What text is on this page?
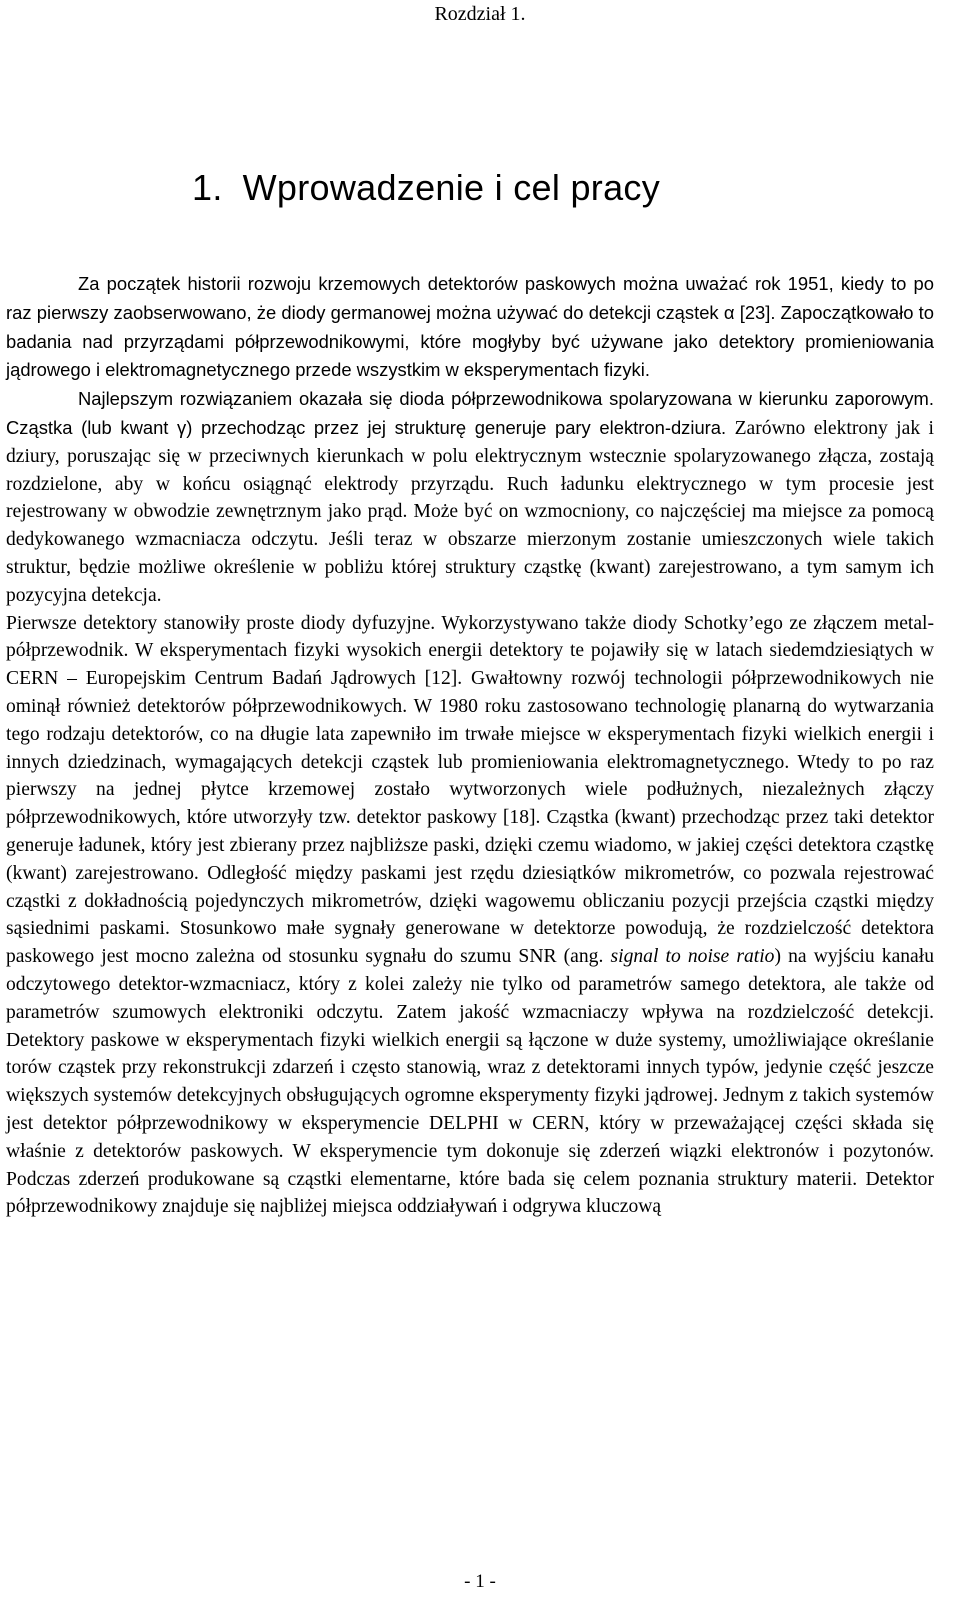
Rozdział 1.
1. Wprowadzenie i cel pracy

Za początek historii rozwoju krzemowych detektorów paskowych można uważać rok 1951, kiedy to po raz pierwszy zaobserwowano, że diody germanowej można używać do detekcji cząstek α [23]. Zapoczątkowało to badania nad przyrządami półprzewodnikowymi, które mogłyby być używane jako detektory promieniowania jądrowego i elektromagnetycznego przede wszystkim w eksperymentach fizyki.

Najlepszym rozwiązaniem okazała się dioda półprzewodnikowa spolaryzowana w kierunku zaporowym. Cząstka (lub kwant γ) przechodząc przez jej strukturę generuje pary elektron-dziura. Zarówno elektrony jak i dziury, poruszając się w przeciwnych kierunkach w polu elektrycznym wstecznie spolaryzowanego złącza, zostają rozdzielone, aby w końcu osiągnąć elektrody przyrządu. Ruch ładunku elektrycznego w tym procesie jest rejestrowany w obwodzie zewnętrznym jako prąd. Może być on wzmocniony, co najczęściej ma miejsce za pomocą dedykowanego wzmacniacza odczytu. Jeśli teraz w obszarze mierzonym zostanie umieszczonych wiele takich struktur, będzie możliwe określenie w pobliżu której struktury cząstkę (kwant) zarejestrowano, a tym samym ich pozycyjna detekcja.

Pierwsze detektory stanowiły proste diody dyfuzyjne. Wykorzystywano także diody Schotky’ego ze złączem metal-półprzewodnik. W eksperymentach fizyki wysokich energii detektory te pojawiły się w latach siedemdziesiątych w CERN – Europejskim Centrum Badań Jądrowych [12].

Gwałtowny rozwój technologii półprzewodnikowych nie ominął również detektorów półprzewodnikowych. W 1980 roku zastosowano technologię planarną do wytwarzania tego rodzaju detektorów, co na długie lata zapewniło im trwałe miejsce w eksperymentach fizyki wielkich energii i innych dziedzinach, wymagających detekcji cząstek lub promieniowania elektromagnetycznego. Wtedy to po raz pierwszy na jednej płytce krzemowej zostało wytworzonych wiele podłużnych, niezależnych złączy półprzewodnikowych, które utworzyły tzw. detektor paskowy [18]. Cząstka (kwant) przechodząc przez taki detektor generuje ładunek, który jest zbierany przez najbliższe paski, dzięki czemu wiadomo, w jakiej części detektora cząstkę (kwant) zarejestrowano. Odległość między paskami jest rzędu dziesiątków mikrometrów, co pozwala rejestrować cząstki z dokładnością pojedynczych mikrometrów, dzięki wagowemu obliczaniu pozycji przejścia cząstki między sąsiednimi paskami.

Stosunkowo małe sygnały generowane w detektorze powodują, że rozdzielczość detektora paskowego jest mocno zależna od stosunku sygnału do szumu SNR (ang. signal to noise ratio) na wyjściu kanału odczytowego detektor-wzmacniacz, który z kolei zależy nie tylko od parametrów samego detektora, ale także od parametrów szumowych elektroniki odczytu. Zatem jakość wzmacniaczy wpływa na rozdzielczość detekcji.

Detektory paskowe w eksperymentach fizyki wielkich energii są łączone w duże systemy, umożliwiające określanie torów cząstek przy rekonstrukcji zdarzeń i często stanowią, wraz z detektorami innych typów, jedynie część jeszcze większych systemów detekcyjnych obsługujących ogromne eksperymenty fizyki jądrowej.

Jednym z takich systemów jest detektor półprzewodnikowy w eksperymencie DELPHI w CERN, który w przeważającej części składa się właśnie z detektorów paskowych. W eksperymencie tym dokonuje się zderzeń wiązki elektronów i pozytonów. Podczas zderzeń produkowane są cząstki elementarne, które bada się celem poznania struktury materii. Detektor półprzewodnikowy znajduje się najbliżej miejsca oddziaływań i odgrywa kluczową

- 1 -
